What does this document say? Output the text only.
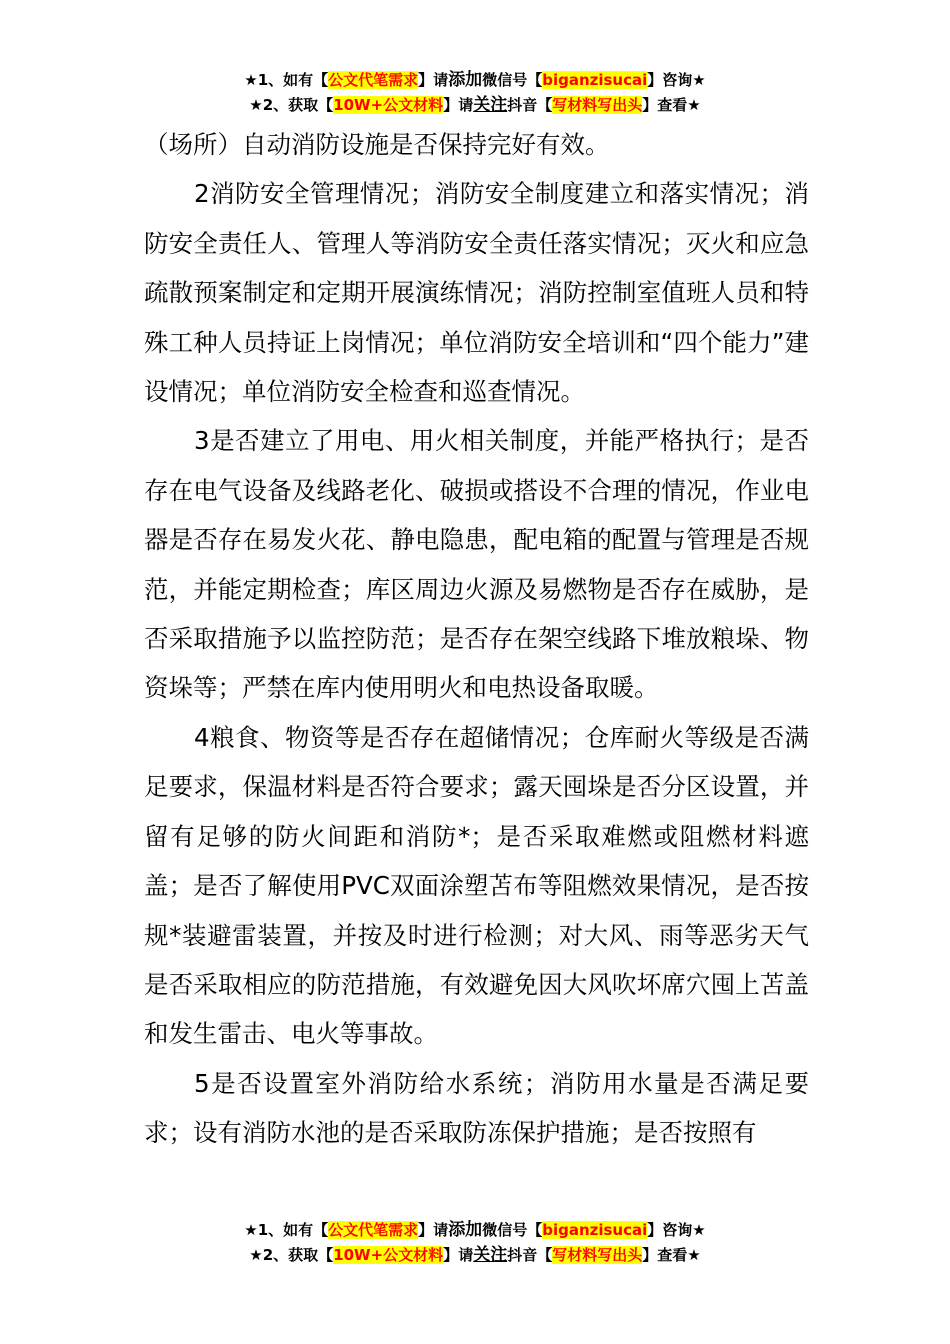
★1、如有【公文代笔需求】请添加微信号【biganzisucai】咨询★
★2、获取【10W+公文材料】请关注抖音【写材料写出头】查看★

（场所）自动消防设施是否保持完好有效。

2消防安全管理情况；消防安全制度建立和落实情况；消防安全责任人、管理人等消防安全责任落实情况；灭火和应急疏散预案制定和定期开展演练情况；消防控制室值班人员和特殊工种人员持证上岗情况；单位消防安全培训和“四个能力”建设情况；单位消防安全检查和巡查情况。

3是否建立了用电、用火相关制度，并能严格执行；是否存在电气设备及线路老化、破损或搭设不合理的情况，作业电器是否存在易发火花、静电隐患，配电箱的配置与管理是否规范，并能定期检查；库区周边火源及易燃物是否存在威胁，是否采取措施予以监控防范；是否存在架空线路下堆放粮垛、物资垛等；严禁在库内使用明火和电热设备取暖。

4粮食、物资等是否存在超储情况；仓库耐火等级是否满足要求，保温材料是否符合要求；露天囤垛是否分区设置，并留有足够的防火间距和消防*；是否采取难燃或阻燃材料遮盖；是否了解使用PVC双面涂塑苫布等阻燃效果情况，是否按规*装避雷装置，并按及时进行检测；对大风、雨等恶劣天气是否采取相应的防范措施，有效避免因大风吹坏席穴囤上苫盖和发生雷击、电火等事故。

5是否设置室外消防给水系统；消防用水量是否满足要求；设有消防水池的是否采取防冻保护措施；是否按照有

★1、如有【公文代笔需求】请添加微信号【biganzisucai】咨询★
★2、获取【10W+公文材料】请关注抖音【写材料写出头】查看★
